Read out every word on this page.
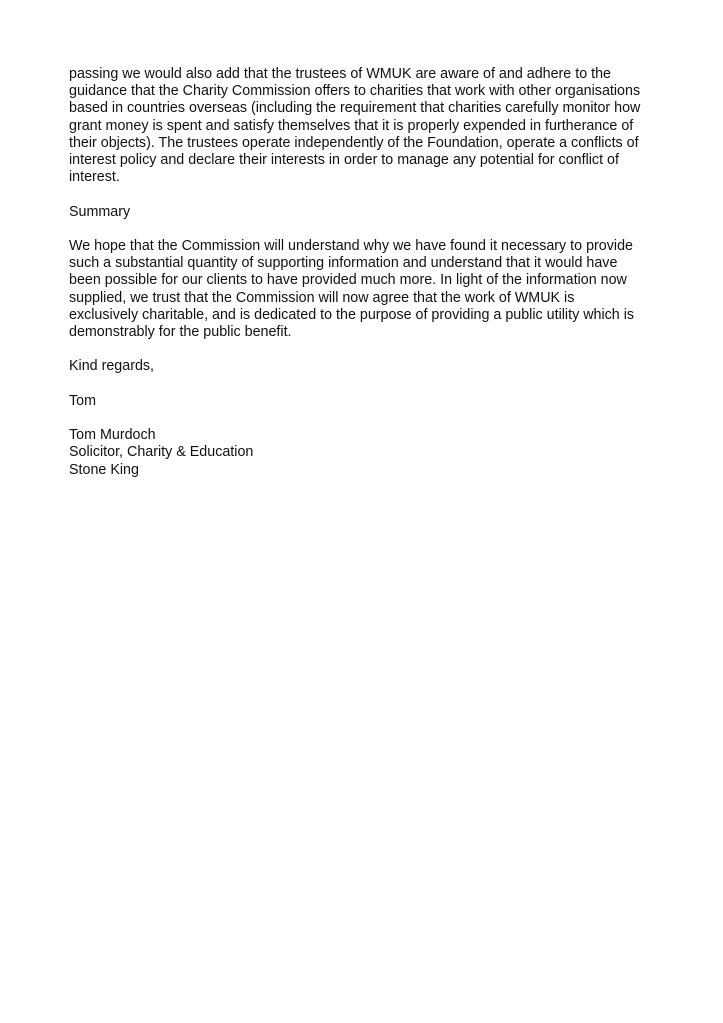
passing we would also add that the trustees of WMUK are aware of and adhere to the
guidance that the Charity Commission offers to charities that work with other organisations
based in countries overseas (including the requirement that charities carefully monitor how
grant money is spent and satisfy themselves that it is properly expended in furtherance of
their objects). The trustees operate independently of the Foundation, operate a conflicts of
interest policy and declare their interests in order to manage any potential for conflict of
interest.

Summary

We hope that the Commission will understand why we have found it necessary to provide
such a substantial quantity of supporting information and understand that it would have
been possible for our clients to have provided much more. In light of the information now
supplied, we trust that the Commission will now agree that the work of WMUK is
exclusively charitable, and is dedicated to the purpose of providing a public utility which is
demonstrably for the public benefit.

Kind regards,

Tom

Tom Murdoch
Solicitor, Charity & Education
Stone King
